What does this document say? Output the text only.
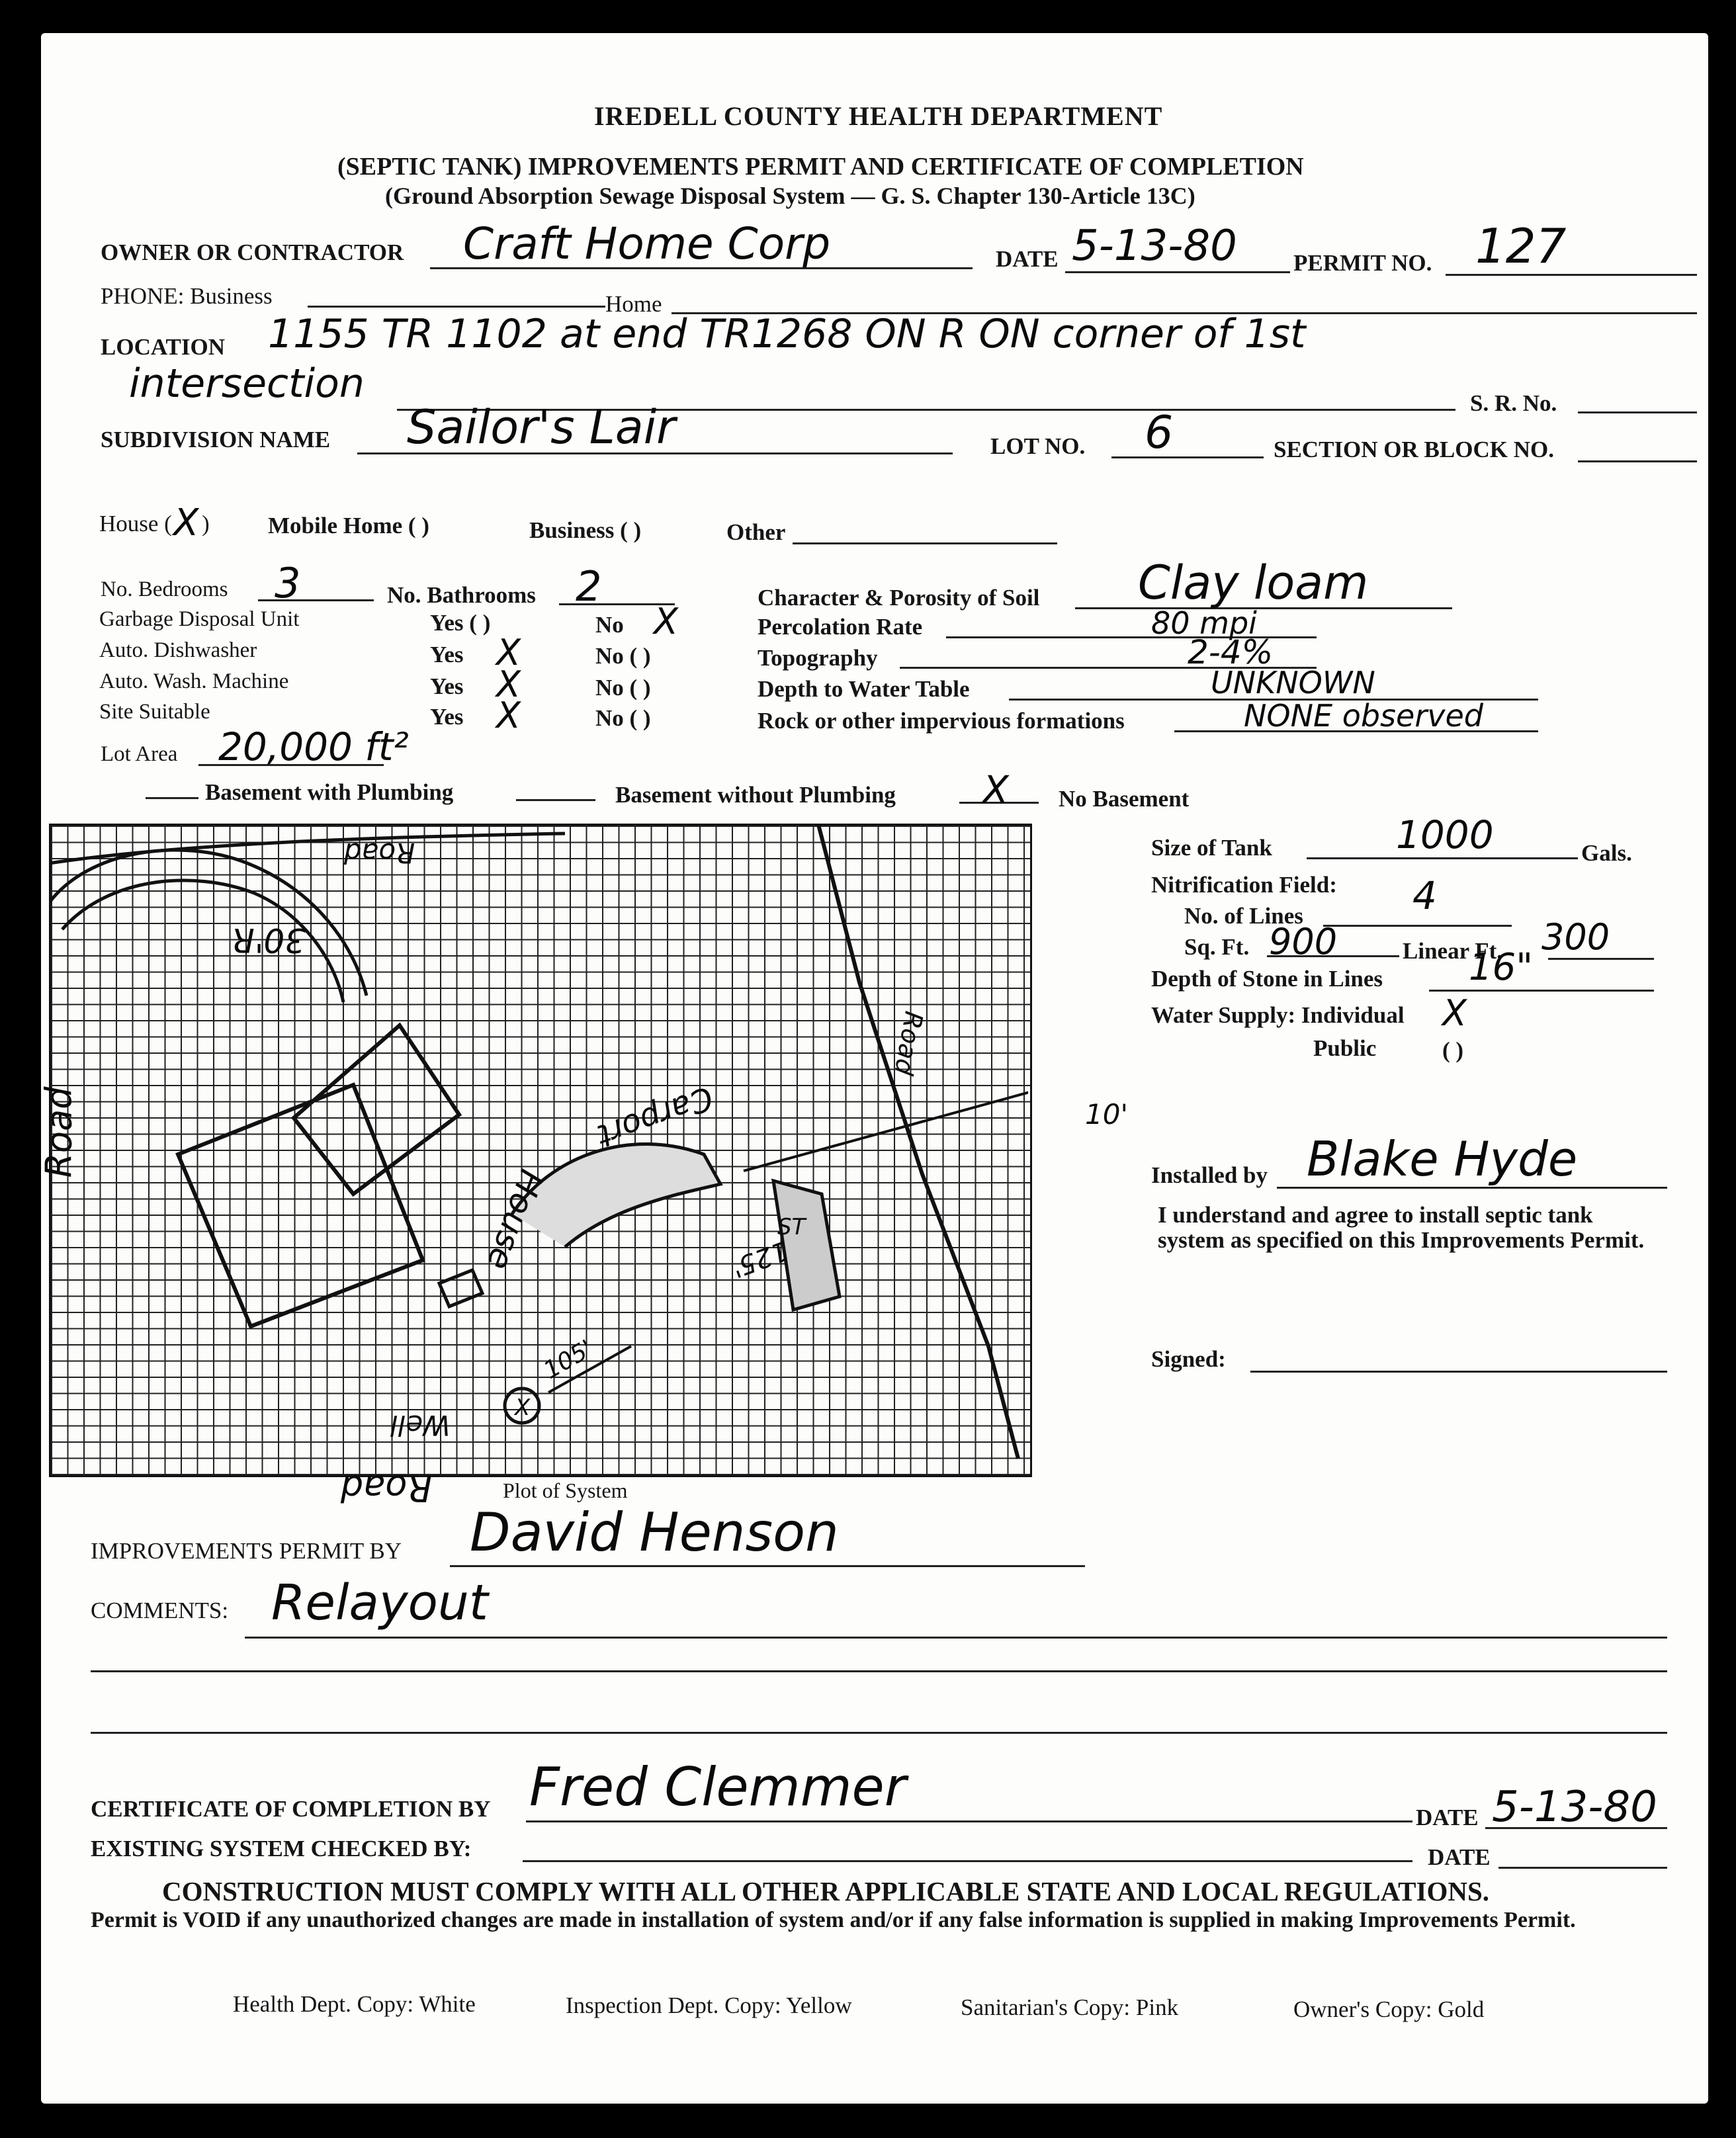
IREDELL COUNTY HEALTH DEPARTMENT
(SEPTIC TANK) IMPROVEMENTS PERMIT AND CERTIFICATE OF COMPLETION
(Ground Absorption Sewage Disposal System — G. S. Chapter 130-Article 13C)
OWNER OR CONTRACTOR Craft Home Corp	DATE 5-13-80 PERMIT NO. 127
PHONE: Business	Home
LOCATION 1155 TR 1102 at end TR1268 ON R ON corner of 1st
intersection	S. R. No.
SUBDIVISION NAME Sailor's Lair	LOT NO. 6	SECTION OR BLOCK NO.
House ( X )	Mobile Home ( )	Business ( )	Other
No. Bedrooms 3	No. Bathrooms 2
Garbage Disposal Unit	Yes ( )	No X
Auto. Dishwasher	Yes X	No ( )
Auto. Wash. Machine	Yes X	No ( )
Site Suitable	Yes X	No ( )
Character & Porosity of Soil Clay loam
Percolation Rate	80 mpi
Topography	2-4%
Depth to Water Table	UNKNOWN
Rock or other impervious formations	NONE observed
Lot Area 20,000 ft²
Basement with Plumbing	Basement without Plumbing X No Basement
Road
30'R
Road
Road
Road
House
Carport
Well
X
105'
125'
10'
ST
Plot of System
Size of Tank	1000	Gals.
Nitrification Field:
No. of Lines	4
Sq. Ft. 900	Linear Ft. 300
Depth of Stone in Lines 16"
Water Supply: Individual X
Public	( )
Installed by Blake Hyde
I understand and agree to install septic tank system as specified on this Improvements Permit.
Signed:
IMPROVEMENTS PERMIT BY David Henson
COMMENTS: Relayout
CERTIFICATE OF COMPLETION BY Fred Clemmer	DATE 5-13-80
EXISTING SYSTEM CHECKED BY:	DATE
CONSTRUCTION MUST COMPLY WITH ALL OTHER APPLICABLE STATE AND LOCAL REGULATIONS.
Permit is VOID if any unauthorized changes are made in installation of system and/or if any false information is supplied in making Improvements Permit.
Health Dept. Copy: White	Inspection Dept. Copy: Yellow	Sanitarian's Copy: Pink	Owner's Copy: Gold
